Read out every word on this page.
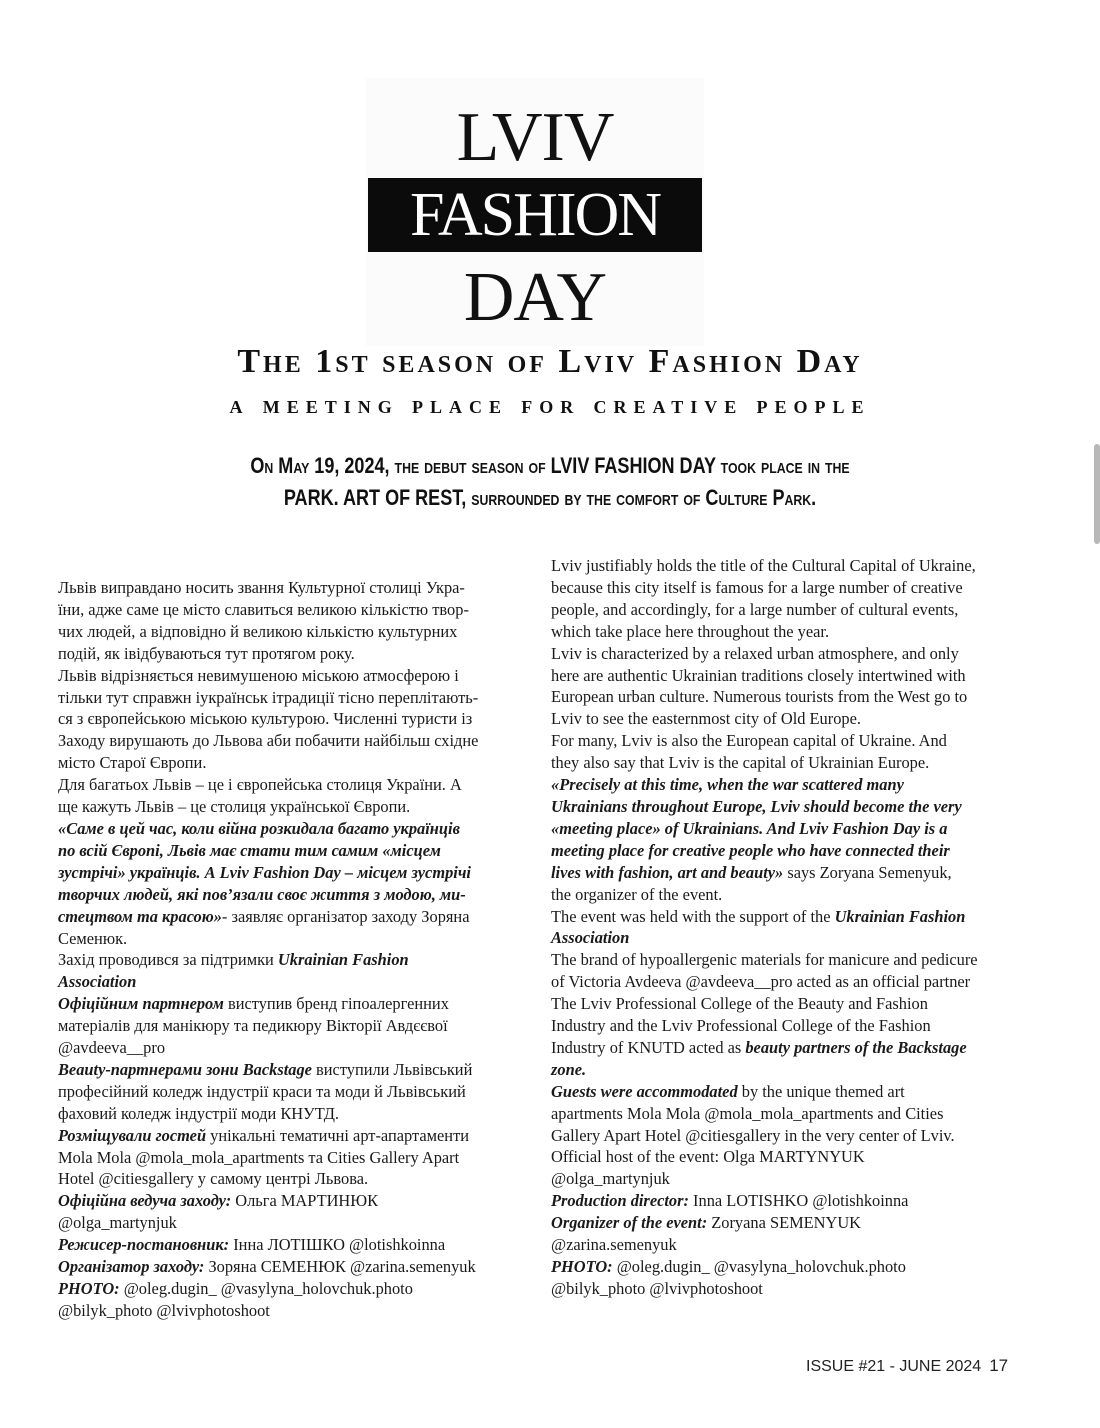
LVIV
FASHION
DAY
The 1st season of Lviv Fashion Day
a meeting place for creative people
On May 19, 2024, the debut season of LVIV FASHION DAY took place in the
PARK. ART OF REST, surrounded by the comfort of Culture Park.

Львів виправдано носить звання Культурної столиці Укра-

їни, адже саме це місто славиться великою кількістю твор-

чих людей, а відповідно й великою кількістю культурних

подій, як івідбуваються тут протягом року.

Львів відрізняється невимушеною міською атмосферою і

тільки тут справжн іукраїнськ ітрадиції тісно переплітають-

ся з європейською міською культурою. Численні туристи із

Заходу вирушають до Львова аби побачити найбільш східне

місто Старої Європи.

Для багатьох Львів – це і європейська столиця України. А

ще кажуть Львів – це столиця української Європи.

«Саме в цей час, коли війна розкидала багато українців

по всій Європі, Львів має стати тим самим «місцем

зустрічі» українців. А Lviv Fashion Day – місцем зустрічі

творчих людей, які пов’язали своє життя з модою, ми-

стецтвом та красою»- заявляє організатор заходу Зоряна

Семенюк.

Захід проводився за підтримки Ukrainian Fashion

Association

Офіційним партнером виступив бренд гіпоалергенних

матеріалів для манікюру та педикюру Вікторії Авдєєвої

@avdeeva__pro

Beauty-партнерами зони Backstage виступили Львівський

професійний коледж індустрії краси та моди й Львівський

фаховий коледж індустрії моди КНУТД.

Розміщували гостей унікальні тематичні арт-апартаменти

Mola Mola @mola_mola_apartments та Cities Gallery Apart

Hotel @citiesgallery у самому центрі Львова.

Офіційна ведуча заходу: Ольга МАРТИНЮК

@olga_martynjuk

Режисер-постановник: Інна ЛОТІШКО @lotishkoinna

Організатор заходу: Зоряна СЕМЕНЮК @zarina.semenyuk

PHOTO: @oleg.dugin_ @vasylyna_holovchuk.photo

@bilyk_photo @lvivphotoshoot

Lviv justifiably holds the title of the Cultural Capital of Ukraine,

because this city itself is famous for a large number of creative

people, and accordingly, for a large number of cultural events,

which take place here throughout the year.

Lviv is characterized by a relaxed urban atmosphere, and only

here are authentic Ukrainian traditions closely intertwined with

European urban culture. Numerous tourists from the West go to

Lviv to see the easternmost city of Old Europe.

For many, Lviv is also the European capital of Ukraine. And

they also say that Lviv is the capital of Ukrainian Europe.

«Precisely at this time, when the war scattered many

Ukrainians throughout Europe, Lviv should become the very

«meeting place» of Ukrainians. And Lviv Fashion Day is a

meeting place for creative people who have connected their

lives with fashion, art and beauty» says Zoryana Semenyuk,

the organizer of the event.

The event was held with the support of the Ukrainian Fashion

Association

The brand of hypoallergenic materials for manicure and pedicure

of Victoria Avdeeva @avdeeva__pro acted as an official partner

The Lviv Professional College of the Beauty and Fashion

Industry and the Lviv Professional College of the Fashion

Industry of KNUTD acted as beauty partners of the Backstage

zone.

Guests were accommodated by the unique themed art

apartments Mola Mola @mola_mola_apartments and Cities

Gallery Apart Hotel @citiesgallery in the very center of Lviv.

Official host of the event: Olga MARTYNYUK

@olga_martynjuk

Production director: Inna LOTISHKO @lotishkoinna

Organizer of the event: Zoryana SEMENYUK

@zarina.semenyuk

PHOTO: @oleg.dugin_ @vasylyna_holovchuk.photo

@bilyk_photo @lvivphotoshoot

ISSUE #21 - JUNE 2024 17
